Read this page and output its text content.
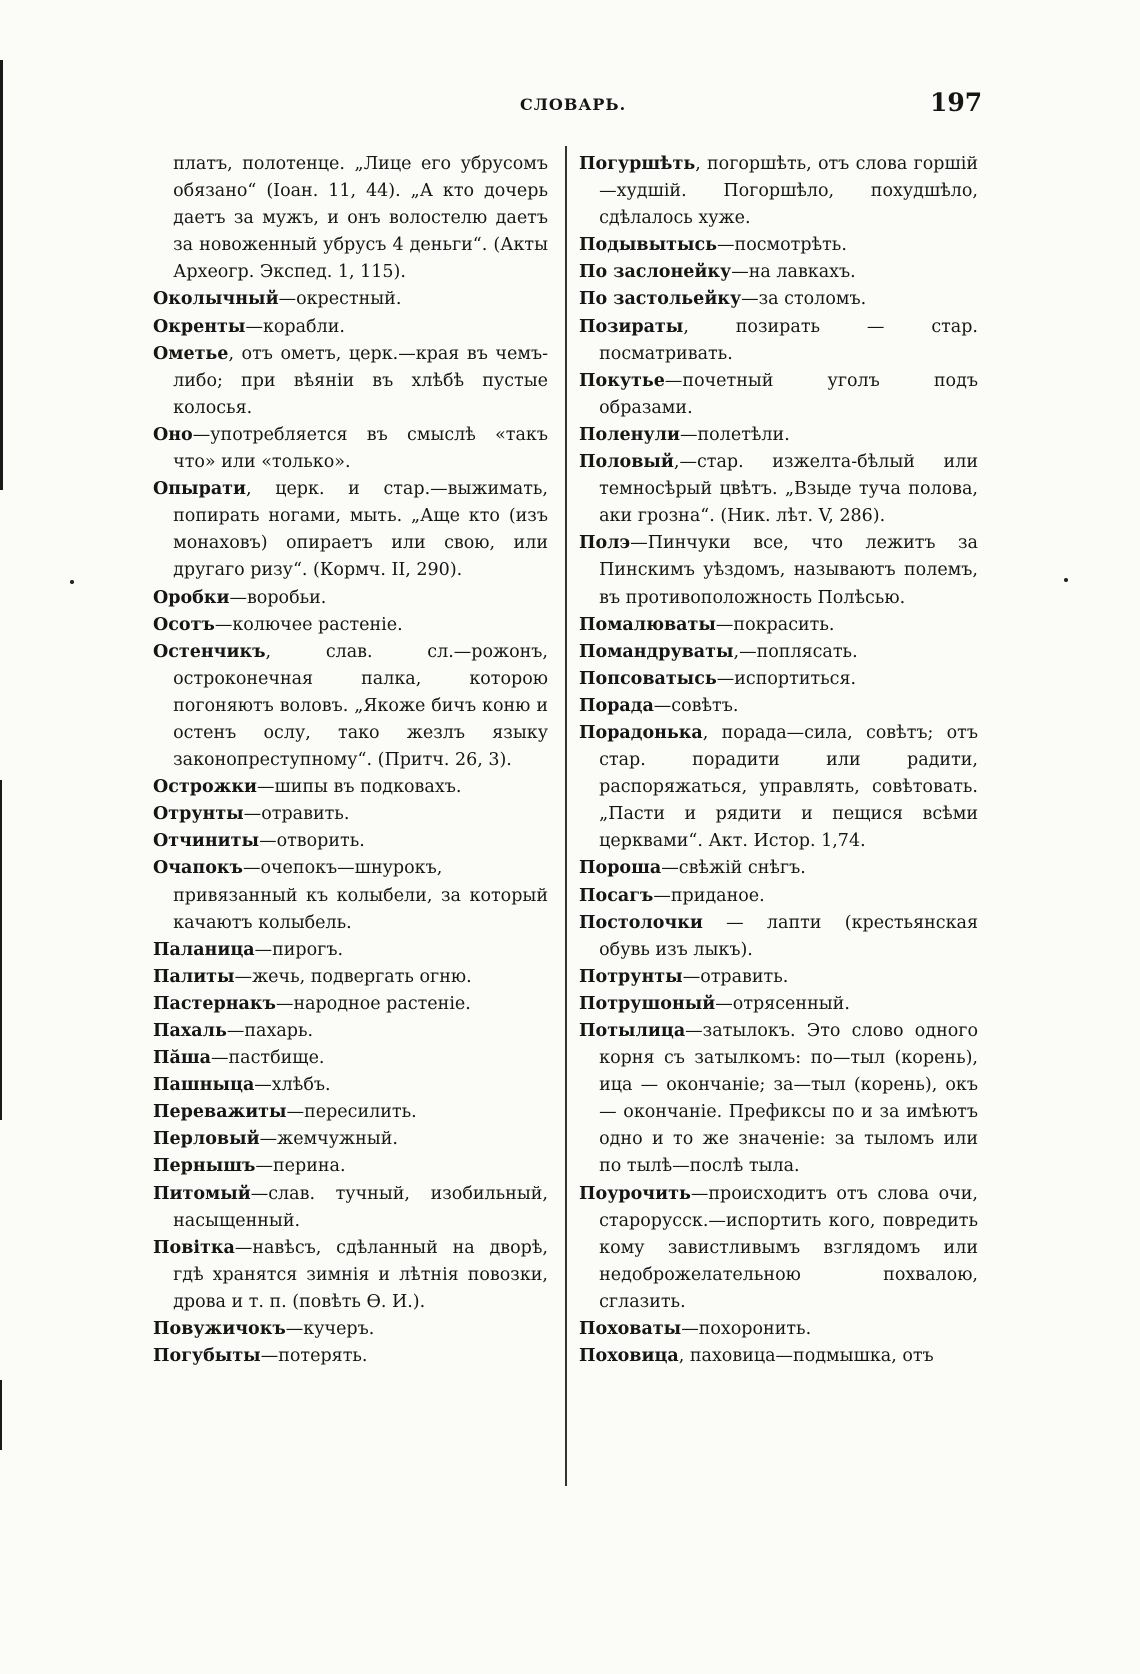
СЛОВАРЬ.	197
платъ, полотенце. „Лице его убрусомъ обязано“ (Іоан. 11, 44). „А кто дочерь даетъ за мужъ, и онъ волостелю даетъ за новоженный убрусъ 4 деньги“. (Акты Археогр. Экспед. 1, 115).
Околычный—окрестный.
Окренты—корабли.
Ометье, отъ ометъ, церк.—края въ чемъ-либо; при вѣяніи въ хлѣбѣ пустые колосья.
Оно—употребляется въ смыслѣ «такъ что» или «только».
Опырати, церк. и стар.—выжимать, попирать ногами, мыть. „Аще кто (изъ монаховъ) опираетъ или свою, или другаго ризу“. (Кормч. II, 290).
Оробки—воробьи.
Осотъ—колючее растеніе.
Остенчикъ, слав. сл.—рожонъ, остроконечная палка, которою погоняютъ воловъ. „Якоже бичъ коню и остенъ ослу, тако жезлъ языку законопреступному“. (Притч. 26, 3).
Острожки—шипы въ подковахъ.
Отрунты—отравить.
Отчиниты—отворить.
Очапокъ—очепокъ—шнурокъ, привязанный къ колыбели, за который качаютъ колыбель.
Паланица—пирогъ.
Палиты—жечь, подвергать огню.
Пастернакъ—народное растеніе.
Пахаль—пахарь.
Пăша—пастбище.
Пашныца—хлѣбъ.
Переважиты—пересилить.
Перловый—жемчужный.
Пернышъ—перина.
Питомый—слав. тучный, изобильный, насыщенный.
Повітка—навѣсъ, сдѣланный на дворѣ, гдѣ хранятся зимнія и лѣтнія повозки, дрова и т. п. (повѣть Ѳ. И.).
Повужичокъ—кучеръ.
Погубыты—потерять.
Погуршѣть, погоршѣть, отъ слова горшій—худшій. Погоршѣло, похудшѣло, сдѣлалось хуже.
Подывытысь—посмотрѣть.
По заслонейку—на лавкахъ.
По застольейку—за столомъ.
Позираты, позирать — стар. посматривать.
Покутье—почетный уголъ подъ образами.
Поленули—полетѣли.
Половый,—стар. изжелта-бѣлый или темносѣрый цвѣтъ. „Взыде туча полова, аки грозна“. (Ник. лѣт. V, 286).
Полэ—Пинчуки все, что лежитъ за Пинскимъ уѣздомъ, называютъ полемъ, въ противоположность Полѣсью.
Помалюваты—покрасить.
Помандруваты,—поплясать.
Попсоватысь—испортиться.
Порада—совѣтъ.
Порадонька, порада—сила, совѣтъ; отъ стар. порадити или радити, распоряжаться, управлять, совѣтовать. „Пасти и рядити и пещися всѣми церквами“. Акт. Истор. 1,74.
Пороша—свѣжій снѣгъ.
Посагъ—приданое.
Постолочки — лапти (крестьянская обувь изъ лыкъ).
Потрунты—отравить.
Потрушоный—отрясенный.
Потылица—затылокъ. Это слово одного корня съ затылкомъ: по—тыл (корень), ица — окончаніе; за—тыл (корень), окъ — окончаніе. Префиксы по и за имѣютъ одно и то же значеніе: за тыломъ или по тылѣ—послѣ тыла.
Поурочить—происходитъ отъ слова очи, старорусск.—испортить кого, повредить кому завистливымъ взглядомъ или недоброжелательною похвалою, сглазить.
Поховаты—похоронить.
Поховица, паховица—подмышка, отъ
